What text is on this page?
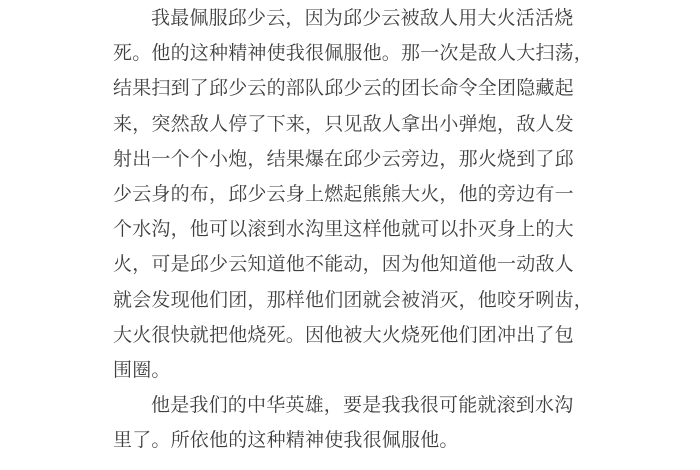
我最佩服邱少云，因为邱少云被敌人用大火活活烧
死。他的这种精神使我很佩服他。那一次是敌人大扫荡，
结果扫到了邱少云的部队邱少云的团长命令全团隐藏起
来，突然敌人停了下来，只见敌人拿出小弹炮，敌人发
射出一个个小炮，结果爆在邱少云旁边，那火烧到了邱
少云身的布，邱少云身上燃起熊熊大火，他的旁边有一
个水沟，他可以滚到水沟里这样他就可以扑灭身上的大
火，可是邱少云知道他不能动，因为他知道他一动敌人
就会发现他们团，那样他们团就会被消灭，他咬牙咧齿，
大火很快就把他烧死。因他被大火烧死他们团冲出了包
围圈。
他是我们的中华英雄，要是我我很可能就滚到水沟
里了。所依他的这种精神使我很佩服他。
